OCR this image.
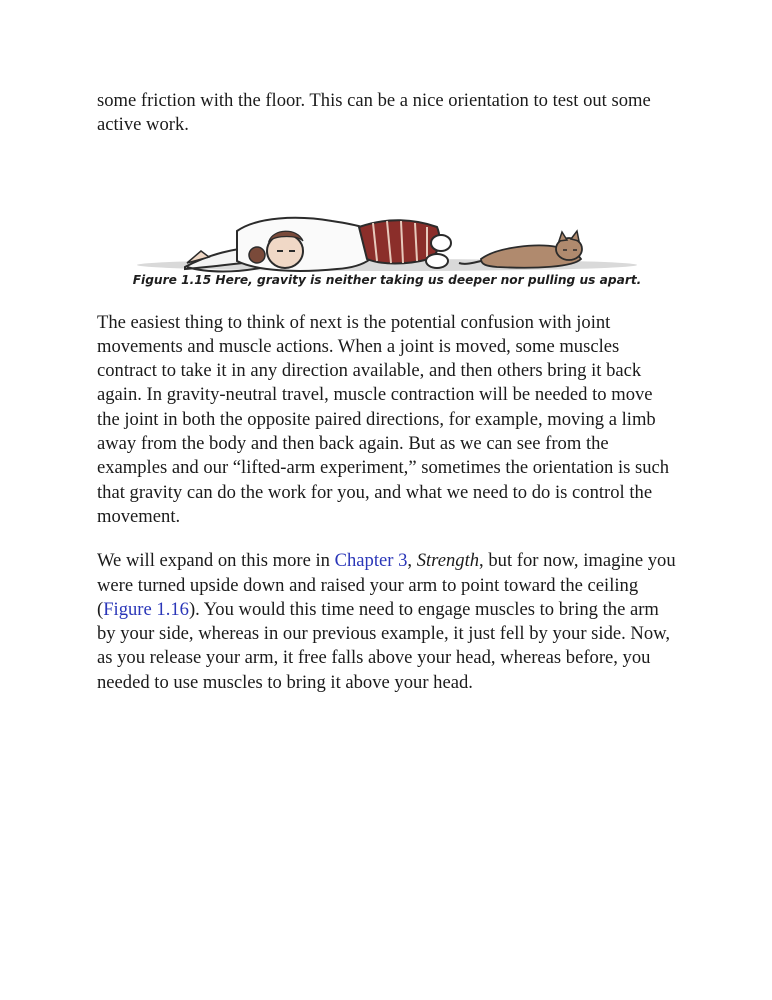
some friction with the floor. This can be a nice orientation to test out some active work.

Figure 1.15 Here, gravity is neither taking us deeper nor pulling us apart.

The easiest thing to think of next is the potential confusion with joint movements and muscle actions. When a joint is moved, some muscles contract to take it in any direction available, and then others bring it back again. In gravity-neutral travel, muscle contraction will be needed to move the joint in both the opposite paired directions, for example, moving a limb away from the body and then back again. But as we can see from the examples and our “lifted-arm experiment,” sometimes the orientation is such that gravity can do the work for you, and what we need to do is control the movement.

We will expand on this more in Chapter 3, Strength, but for now, imagine you were turned upside down and raised your arm to point toward the ceiling (Figure 1.16). You would this time need to engage muscles to bring the arm by your side, whereas in our previous example, it just fell by your side. Now, as you release your arm, it free falls above your head, whereas before, you needed to use muscles to bring it above your head.
